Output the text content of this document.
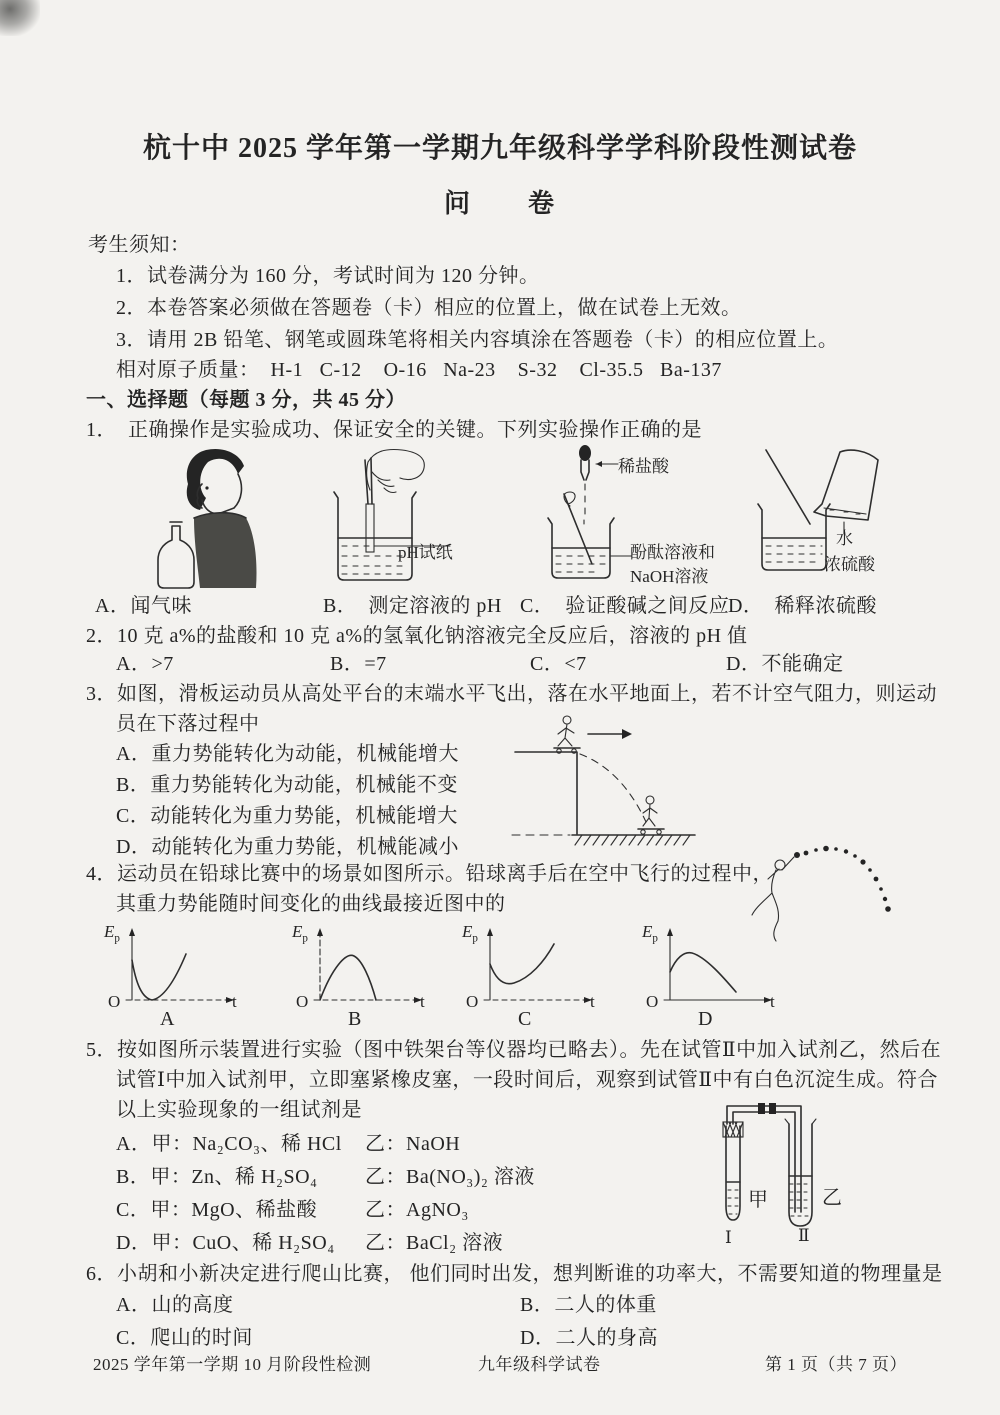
杭十中 2025 学年第一学期九年级科学学科阶段性测试卷
问　　卷
考生须知：
1．试卷满分为 160 分，考试时间为 120 分钟。
2．本卷答案必须做在答题卷（卡）相应的位置上，做在试卷上无效。
3．请用 2B 铅笔、钢笔或圆珠笔将相关内容填涂在答题卷（卡）的相应位置上。
相对原子质量：  H-1   C-12    O-16   Na-23    S-32    Cl-35.5   Ba-137
一、选择题（每题 3 分，共 45 分）
1．  正确操作是实验成功、保证安全的关键。下列实验操作正确的是
pH试纸
稀盐酸
酚酞溶液和
NaOH溶液
水
浓硫酸
A．闻气味	B．  测定溶液的 pH C．  验证酸碱之间反应
D．  稀释浓硫酸
2．10 克 a%的盐酸和 10 克 a%的氢氧化钠溶液完全反应后，溶液的 pH 值
A．>7	B．=7	C．<7	D．不能确定
3．如图，滑板运动员从高处平台的末端水平飞出，落在水平地面上，若不计空气阻力，则运动
员在下落过程中
A．重力势能转化为动能，机械能增大
B．重力势能转化为动能，机械能不变
C．动能转化为重力势能，机械能增大
D．动能转化为重力势能，机械能减小
4．运动员在铅球比赛中的场景如图所示。铅球离手后在空中飞行的过程中，
其重力势能随时间变化的曲线最接近图中的
$E_p$
O	t
A
$E_p$
O	t
B
$E_p$
O	t
C
$E_p$
O	t
D
5．按如图所示装置进行实验（图中铁架台等仪器均已略去）。先在试管Ⅱ中加入试剂乙，然后在
试管Ⅰ中加入试剂甲，立即塞紧橡皮塞，一段时间后，观察到试管Ⅱ中有白色沉淀生成。符合
以上实验现象的一组试剂是
A．甲：Na₂CO₃、稀 HCl 乙：NaOH
B．甲：Zn、稀 H₂SO₄ 乙：Ba(NO₃)₂ 溶液
C．甲：MgO、稀盐酸 乙：AgNO₃
D．甲：CuO、稀 H₂SO₄ 乙：BaCl₂ 溶液
甲	乙
Ⅰ	Ⅱ
6．小胡和小新决定进行爬山比赛， 他们同时出发，想判断谁的功率大，不需要知道的物理量是
A．山的高度	B．二人的体重
C．爬山的时间	D．二人的身高
2025 学年第一学期 10 月阶段性检测	九年级科学试卷	第 1 页（共 7 页）
